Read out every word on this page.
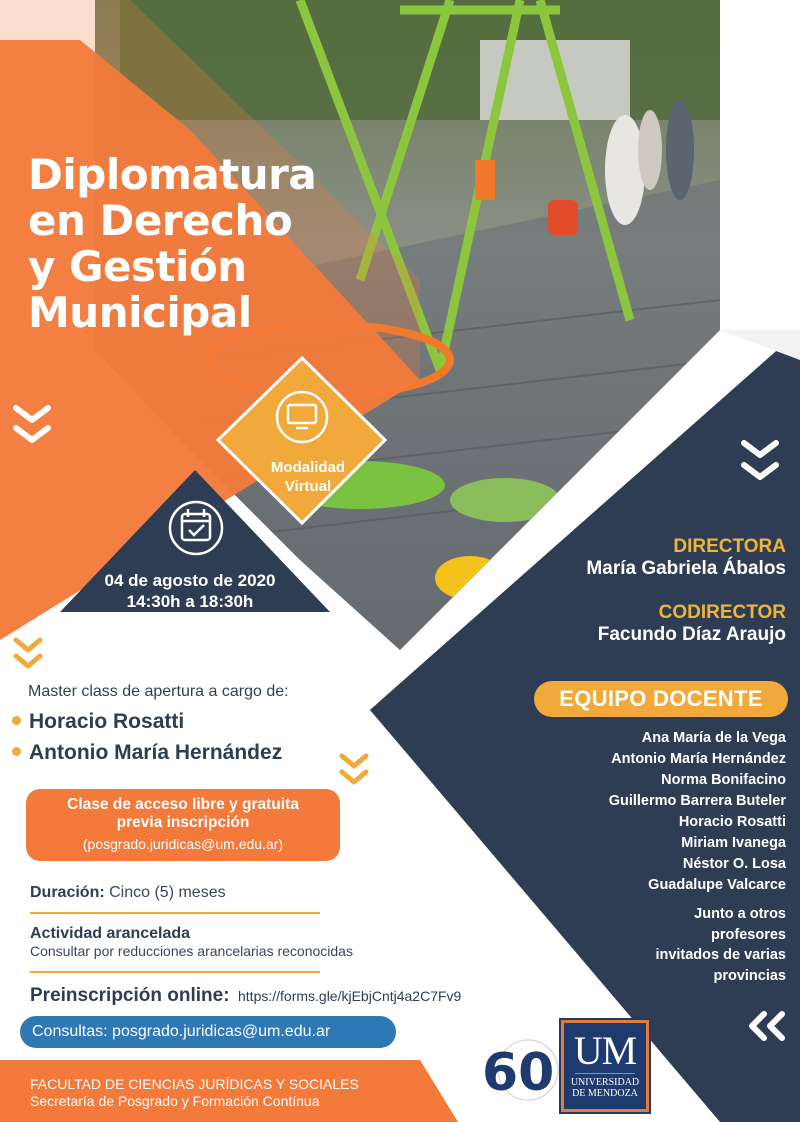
Diplomatura
en Derecho
y Gestión
Municipal
Modalidad
Virtual
04 de agosto de 2020
14:30h a 18:30h
DIRECTORA
María Gabriela Ábalos
CODIRECTOR
Facundo Díaz Araujo
EQUIPO DOCENTE
Ana María de la Vega
Antonio María Hernández
Norma Bonifacino
Guillermo Barrera Buteler
Horacio Rosatti
Miriam Ivanega
Néstor O. Losa
Guadalupe Valcarce
Junto a otros
profesores
invitados de varias
provincias
Master class de apertura a cargo de:
Horacio Rosatti
Antonio María Hernández
Clase de acceso libre y gratuita
previa inscripción
(posgrado.juridicas@um.edu.ar)
Duración: Cinco (5) meses
Actividad arancelada
Consultar por reducciones arancelarias reconocidas
Preinscripción online: https://forms.gle/kjEbjCntj4a2C7Fv9
Consultas: posgrado.juridicas@um.edu.ar
FACULTAD DE CIENCIAS JURÍDICAS Y SOCIALES
Secretaría de Posgrado y Formación Contínua	60 UM
UNIVERSIDAD
DE MENDOZA
